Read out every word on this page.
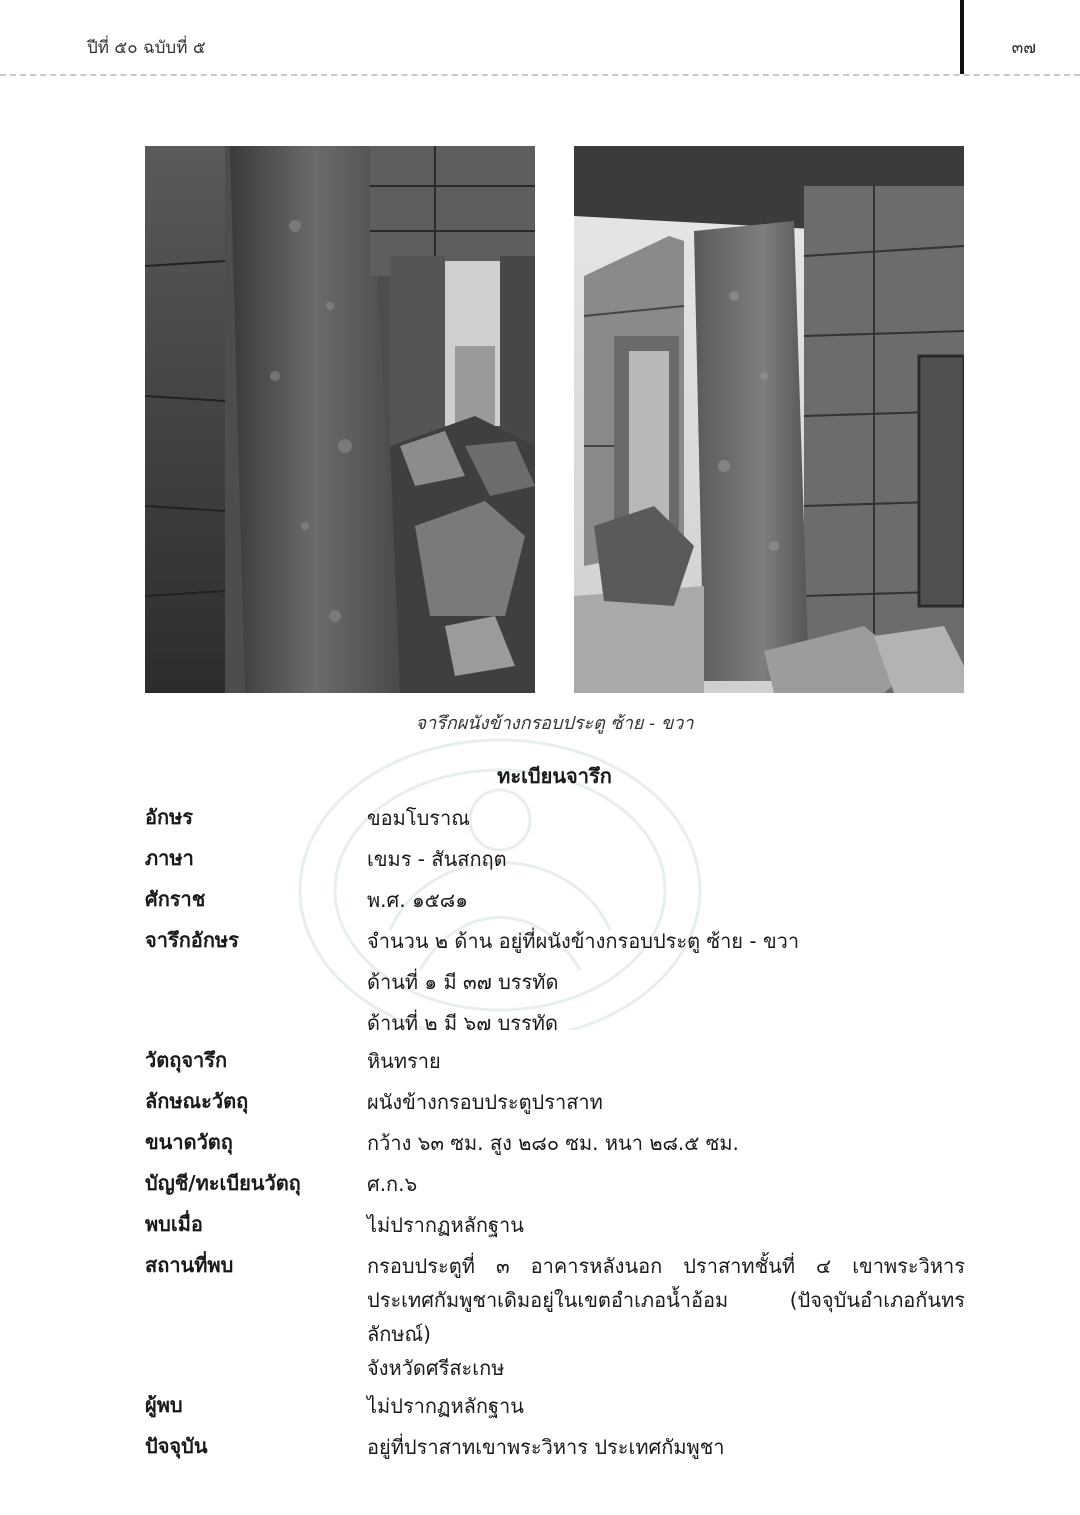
ปีที่ ๕๐ ฉบับที่ ๕	๓๗
จารึกผนังข้างกรอบประตู ซ้าย - ขวา
ทะเบียนจารึก
อักษร	ขอมโบราณ
ภาษา	เขมร - สันสกฤต
ศักราช	พ.ศ. ๑๕๘๑
จารึกอักษร	จำนวน ๒ ด้าน อยู่ที่ผนังข้างกรอบประตู ซ้าย - ขวา
ด้านที่ ๑ มี ๓๗ บรรทัด
ด้านที่ ๒ มี ๖๗ บรรทัด
วัตถุจารึก	หินทราย
ลักษณะวัตถุ	ผนังข้างกรอบประตูปราสาท
ขนาดวัตถุ	กว้าง ๖๓ ซม. สูง ๒๘๐ ซม. หนา ๒๘.๕ ซม.
บัญชี/ทะเบียนวัตถุ	ศ.ก.๖
พบเมื่อ	ไม่ปรากฏหลักฐาน
สถานที่พบ	กรอบประตูที่ ๓ อาคารหลังนอก ปราสาทชั้นที่ ๔ เขาพระวิหาร
ประเทศกัมพูชาเดิมอยู่ในเขตอำเภอน้ำอ้อม (ปัจจุบันอำเภอกันทรลักษณ์)
จังหวัดศรีสะเกษ
ผู้พบ	ไม่ปรากฏหลักฐาน
ปัจจุบัน	อยู่ที่ปราสาทเขาพระวิหาร ประเทศกัมพูชา
